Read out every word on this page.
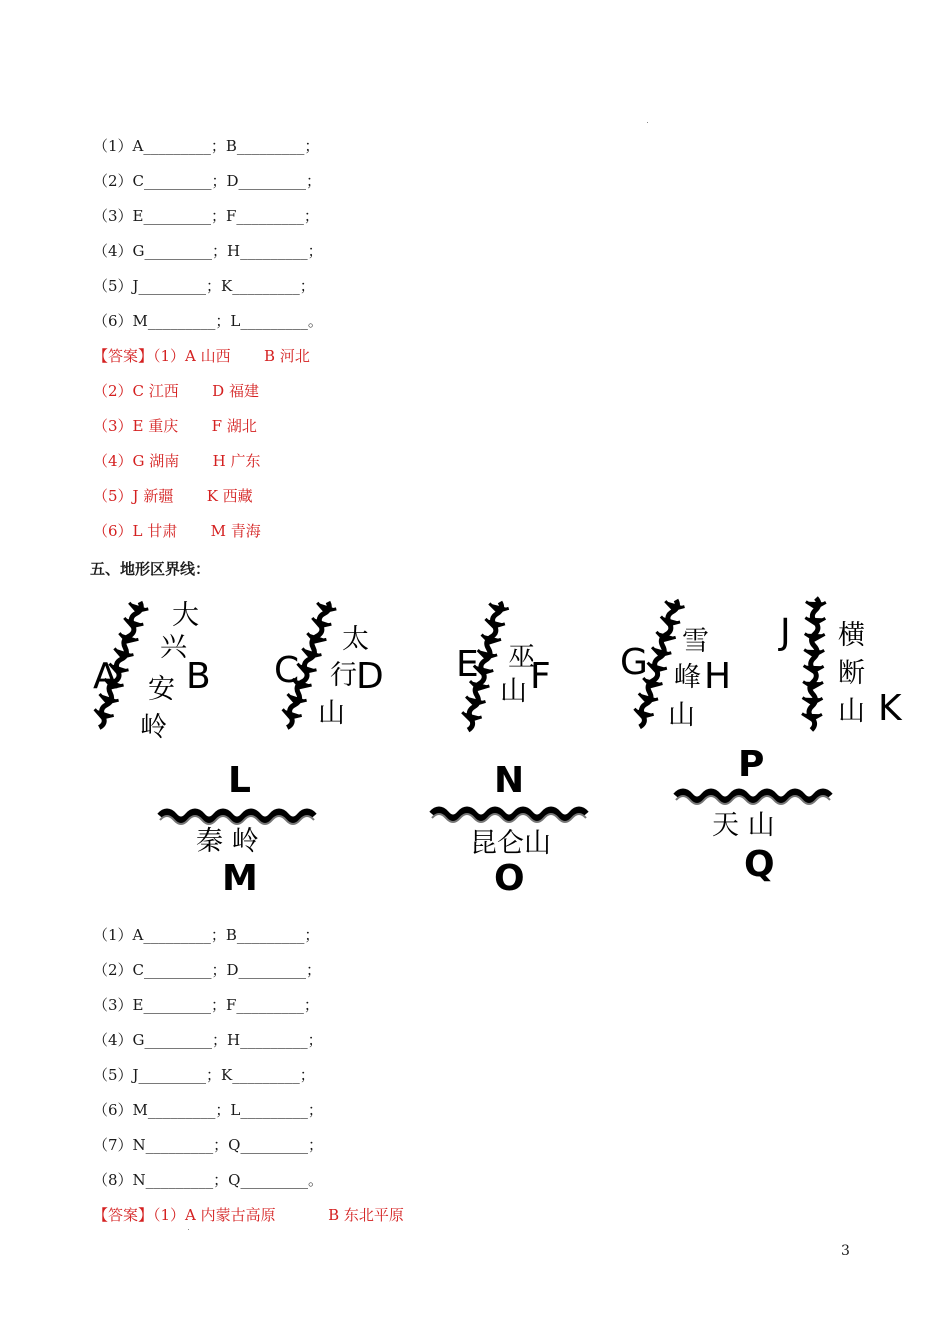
（1）A_________；B_________；
（2）C_________；D_________；
（3）E_________；F_________；
（4）G_________；H_________；
（5）J_________；K_________；
（6）M_________；L_________。
【答案】（1）A 山西       B 河北
（2）C 江西       D 福建
（3）E 重庆       F 湖北
（4）G 湖南       H 广东
（5）J 新疆       K 西藏
（6）L 甘肃       M 青海
五、地形区界线：
A B
大
兴
安
岭
C D
太
行
山
E F
巫
山
G H
雪
峰
山
J
K
横
断
山
L
秦 岭
M
N
昆仑山
O
P
天 山
Q
（1）A_________；B_________；
（2）C_________；D_________；
（3）E_________；F_________；
（4）G_________；H_________；
（5）J_________；K_________；
（6）M_________；L_________；
（7）N_________；Q_________；
（8）N_________；Q_________。
【答案】（1）A 内蒙古高原           B 东北平原
3
